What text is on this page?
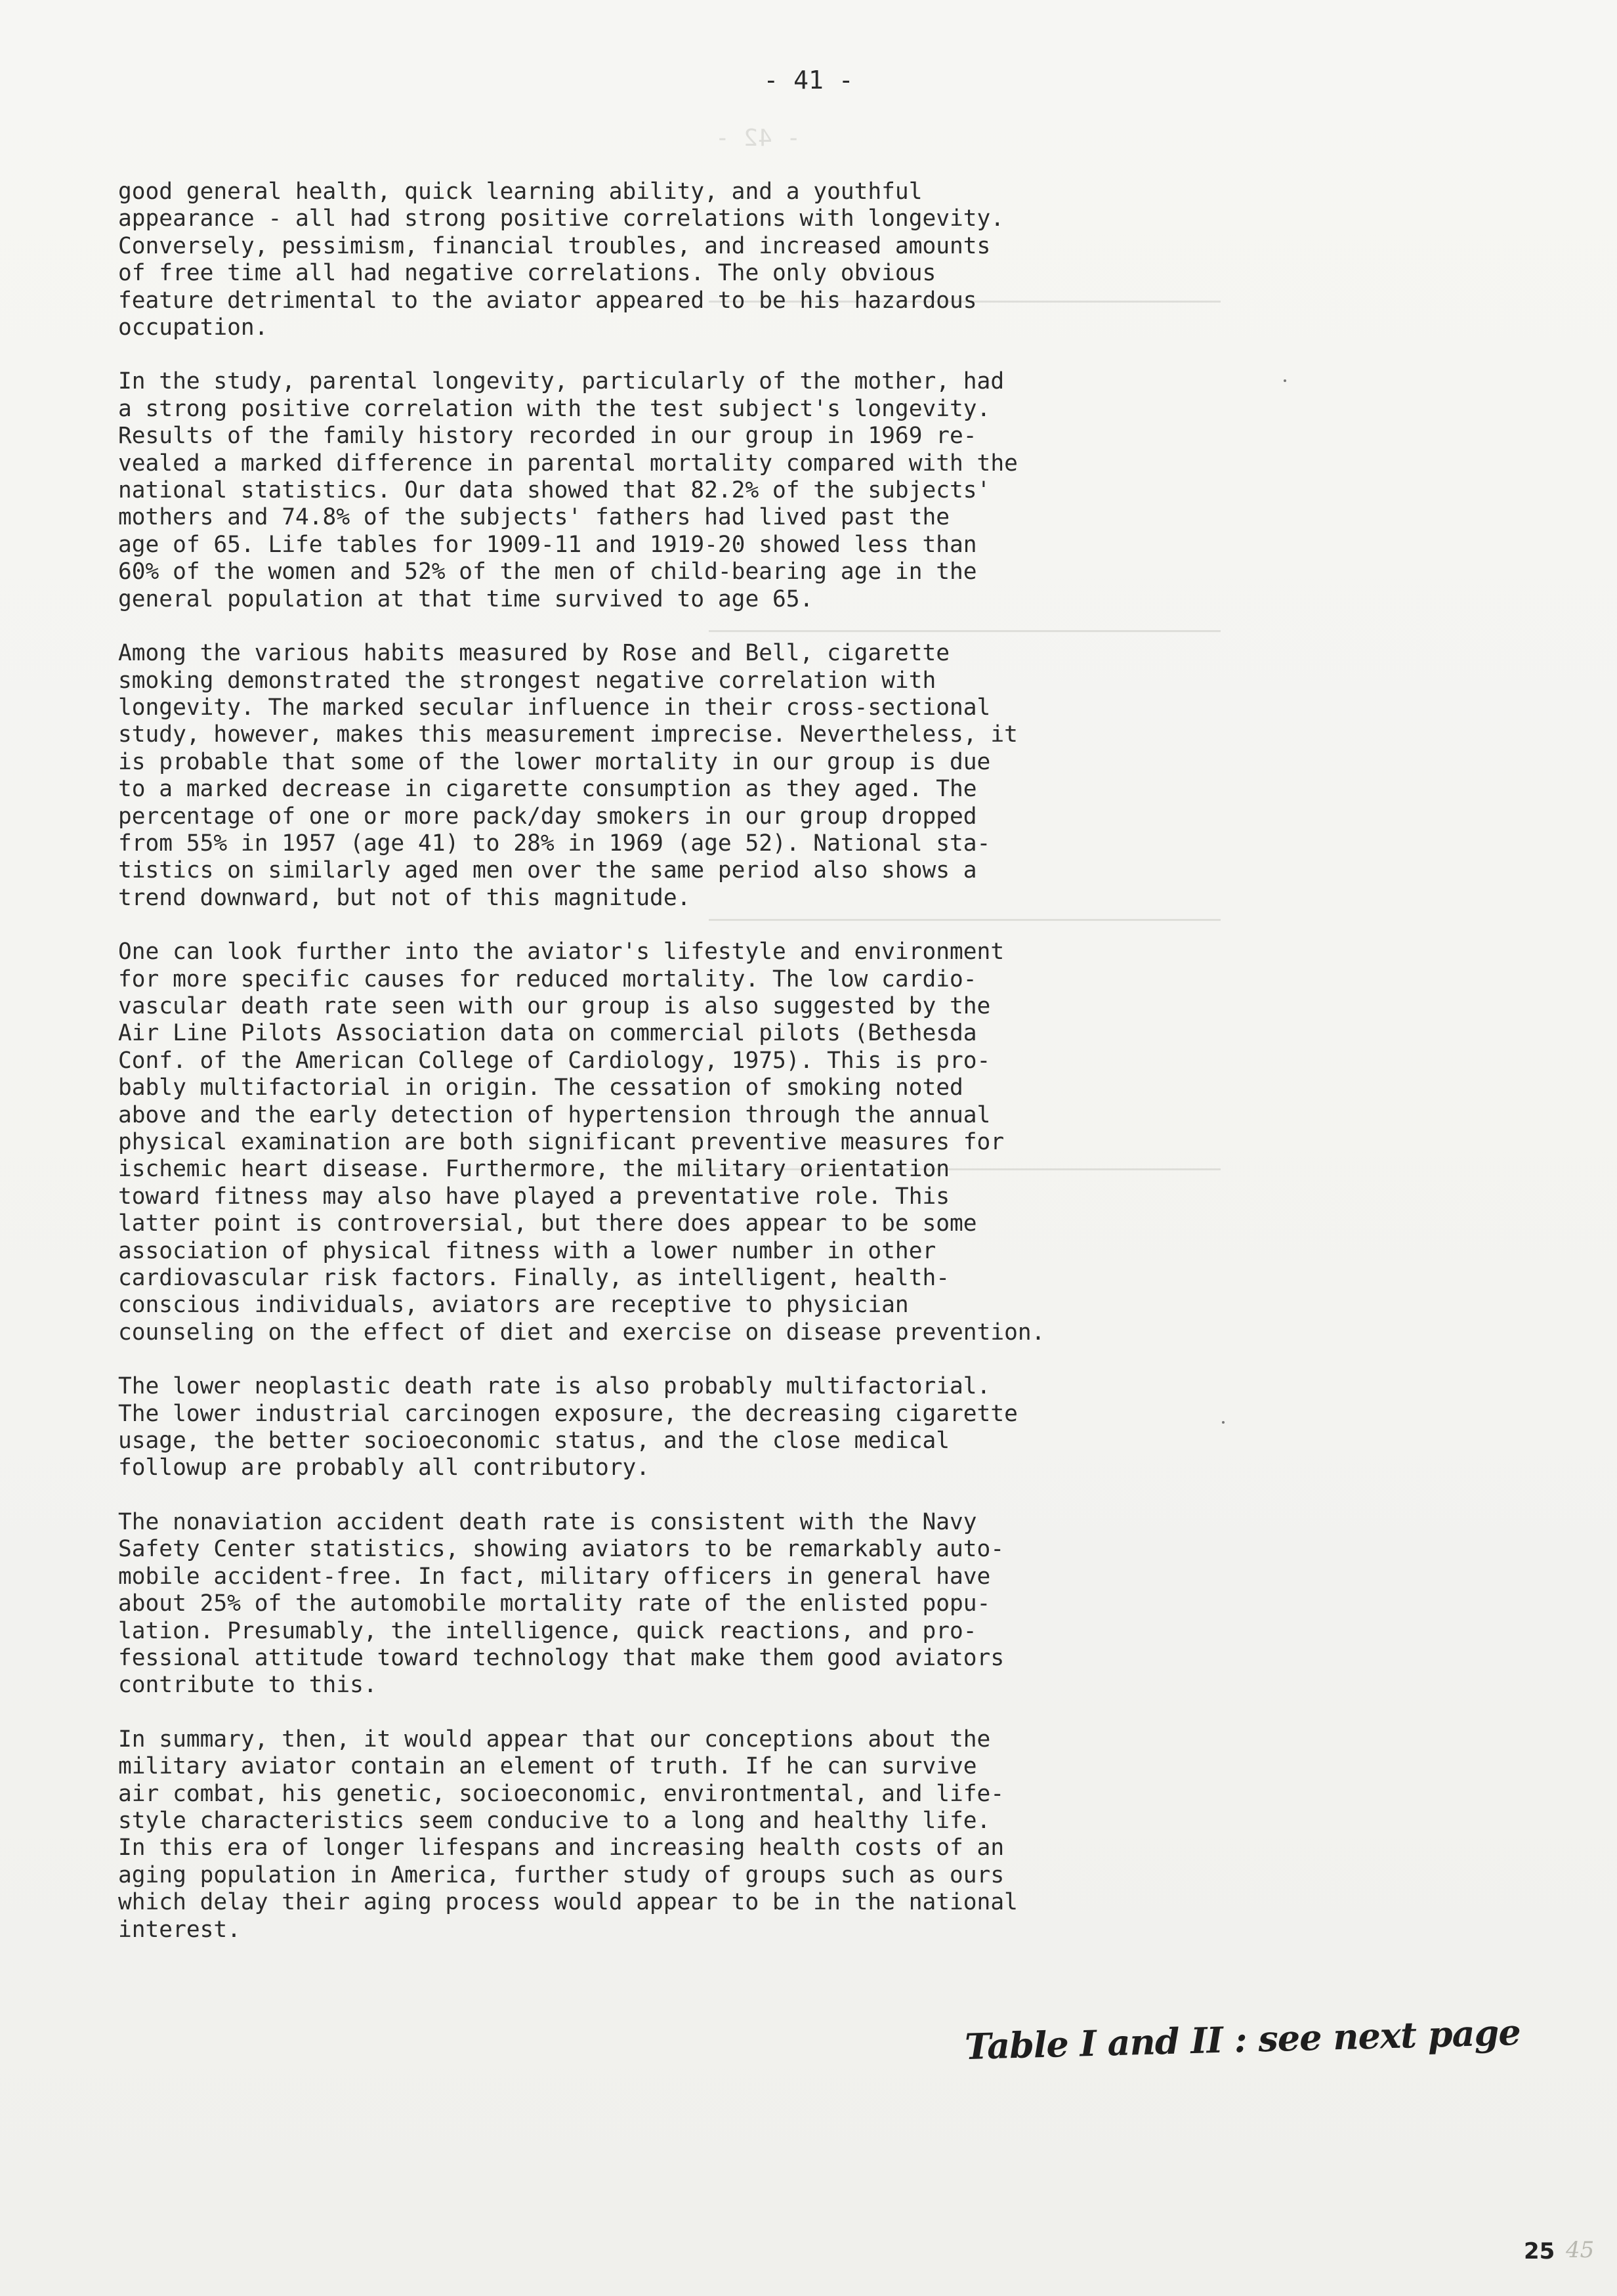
- 42 -
- 41 -

good general health, quick learning ability, and a youthful
appearance - all had strong positive correlations with longevity.
Conversely, pessimism, financial troubles, and increased amounts
of free time all had negative correlations. The only obvious
feature detrimental to the aviator appeared to be his hazardous
occupation.

In the study, parental longevity, particularly of the mother, had
a strong positive correlation with the test subject's longevity.
Results of the family history recorded in our group in 1969 re-
vealed a marked difference in parental mortality compared with the
national statistics. Our data showed that 82.2% of the subjects'
mothers and 74.8% of the subjects' fathers had lived past the
age of 65. Life tables for 1909-11 and 1919-20 showed less than
60% of the women and 52% of the men of child-bearing age in the
general population at that time survived to age 65.

Among the various habits measured by Rose and Bell, cigarette
smoking demonstrated the strongest negative correlation with
longevity. The marked secular influence in their cross-sectional
study, however, makes this measurement imprecise. Nevertheless, it
is probable that some of the lower mortality in our group is due
to a marked decrease in cigarette consumption as they aged. The
percentage of one or more pack/day smokers in our group dropped
from 55% in 1957 (age 41) to 28% in 1969 (age 52). National sta-
tistics on similarly aged men over the same period also shows a
trend downward, but not of this magnitude.

One can look further into the aviator's lifestyle and environment
for more specific causes for reduced mortality. The low cardio-
vascular death rate seen with our group is also suggested by the
Air Line Pilots Association data on commercial pilots (Bethesda
Conf. of the American College of Cardiology, 1975). This is pro-
bably multifactorial in origin. The cessation of smoking noted
above and the early detection of hypertension through the annual
physical examination are both significant preventive measures for
ischemic heart disease. Furthermore, the military orientation
toward fitness may also have played a preventative role. This
latter point is controversial, but there does appear to be some
association of physical fitness with a lower number in other
cardiovascular risk factors. Finally, as intelligent, health-
conscious individuals, aviators are receptive to physician
counseling on the effect of diet and exercise on disease prevention.

The lower neoplastic death rate is also probably multifactorial.
The lower industrial carcinogen exposure, the decreasing cigarette
usage, the better socioeconomic status, and the close medical
followup are probably all contributory.

The nonaviation accident death rate is consistent with the Navy
Safety Center statistics, showing aviators to be remarkably auto-
mobile accident-free. In fact, military officers in general have
about 25% of the automobile mortality rate of the enlisted popu-
lation. Presumably, the intelligence, quick reactions, and pro-
fessional attitude toward technology that make them good aviators
contribute to this.

In summary, then, it would appear that our conceptions about the
military aviator contain an element of truth. If he can survive
air combat, his genetic, socioeconomic, environtmental, and life-
style characteristics seem conducive to a long and healthy life.
In this era of longer lifespans and increasing health costs of an
aging population in America, further study of groups such as ours
which delay their aging process would appear to be in the national
interest.

Table I and II : see next page
25 45
